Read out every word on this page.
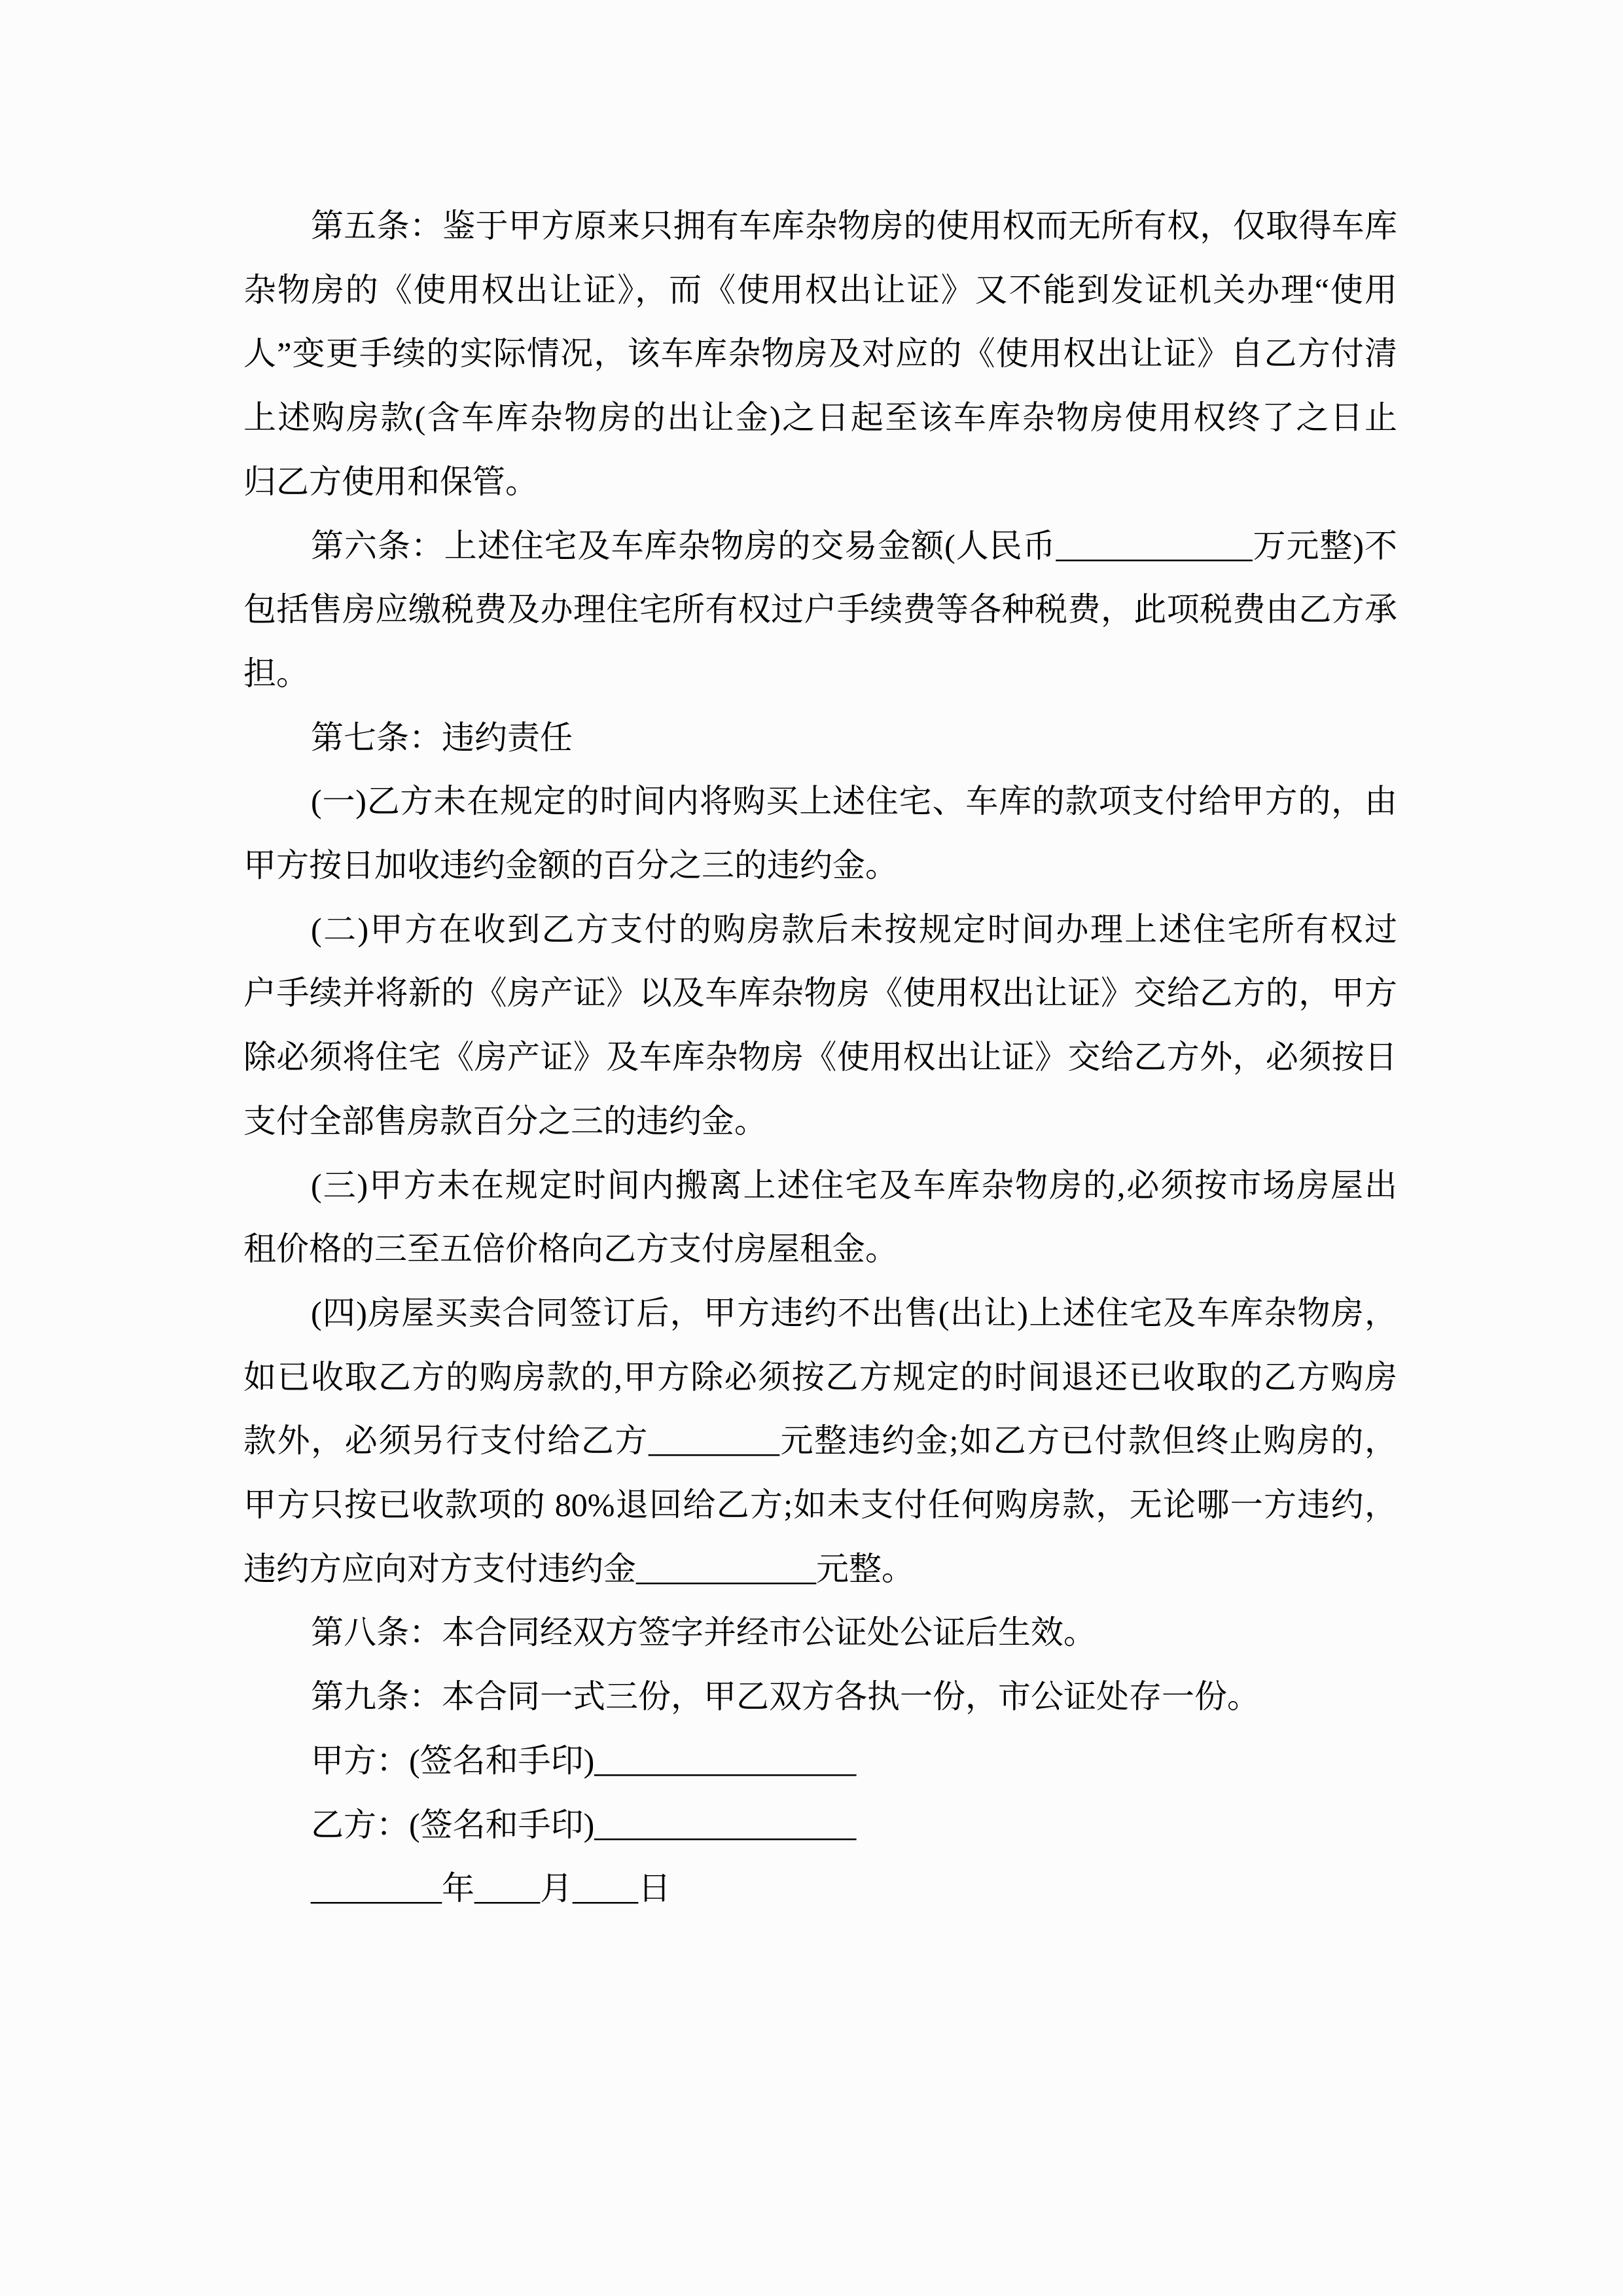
第五条：鉴于甲方原来只拥有车库杂物房的使用权而无所有权，仅取得车库
杂物房的《使用权出让证》，而《使用权出让证》又不能到发证机关办理“使用
人”变更手续的实际情况，该车库杂物房及对应的《使用权出让证》自乙方付清
上述购房款(含车库杂物房的出让金)之日起至该车库杂物房使用权终了之日止
归乙方使用和保管。
第六条：上述住宅及车库杂物房的交易金额(人民币____________万元整)不
包括售房应缴税费及办理住宅所有权过户手续费等各种税费，此项税费由乙方承
担。
第七条：违约责任
(一)乙方未在规定的时间内将购买上述住宅、车库的款项支付给甲方的，由
甲方按日加收违约金额的百分之三的违约金。
(二)甲方在收到乙方支付的购房款后未按规定时间办理上述住宅所有权过
户手续并将新的《房产证》以及车库杂物房《使用权出让证》交给乙方的，甲方
除必须将住宅《房产证》及车库杂物房《使用权出让证》交给乙方外，必须按日
支付全部售房款百分之三的违约金。
(三)甲方未在规定时间内搬离上述住宅及车库杂物房的,必须按市场房屋出
租价格的三至五倍价格向乙方支付房屋租金。
(四)房屋买卖合同签订后，甲方违约不出售(出让)上述住宅及车库杂物房，
如已收取乙方的购房款的,甲方除必须按乙方规定的时间退还已收取的乙方购房
款外，必须另行支付给乙方________元整违约金;如乙方已付款但终止购房的，
甲方只按已收款项的 80%退回给乙方;如未支付任何购房款，无论哪一方违约，
违约方应向对方支付违约金___________元整。
第八条：本合同经双方签字并经市公证处公证后生效。
第九条：本合同一式三份，甲乙双方各执一份，市公证处存一份。
甲方：(签名和手印)________________
乙方：(签名和手印)________________
________年____月____日
